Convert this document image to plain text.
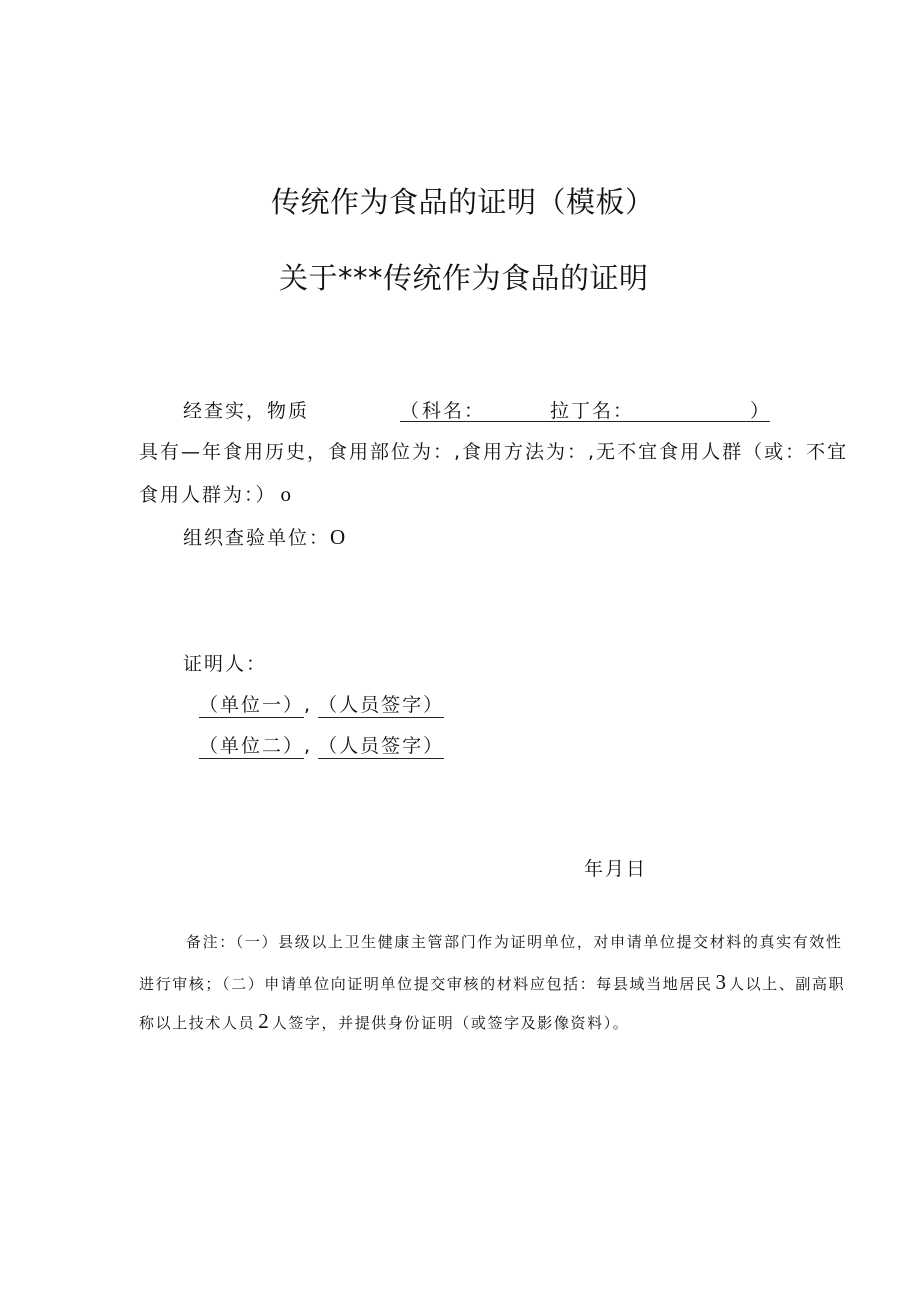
传统作为食品的证明（模板）
关于***传统作为食品的证明
经查实，物质	（ 科名：	拉丁名：	）
具有—年食用历史，食用部位为：,食用方法为：,无不宜食用人群（或：不宜
食用人群为：） o
组织查验单位：O
证明人：
（单位一）, （人员签字）
（单位二）, （人员签字）
年月日
备注：（一）县级以上卫生健康主管部门作为证明单位，对申请单位提交材料的真实有效性
进行审核；（二）申请单位向证明单位提交审核的材料应包括：每县域当地居民 3 人以上、副高职
称以上技术人员 2 人签字，并提供身份证明（或签字及影像资料）。
